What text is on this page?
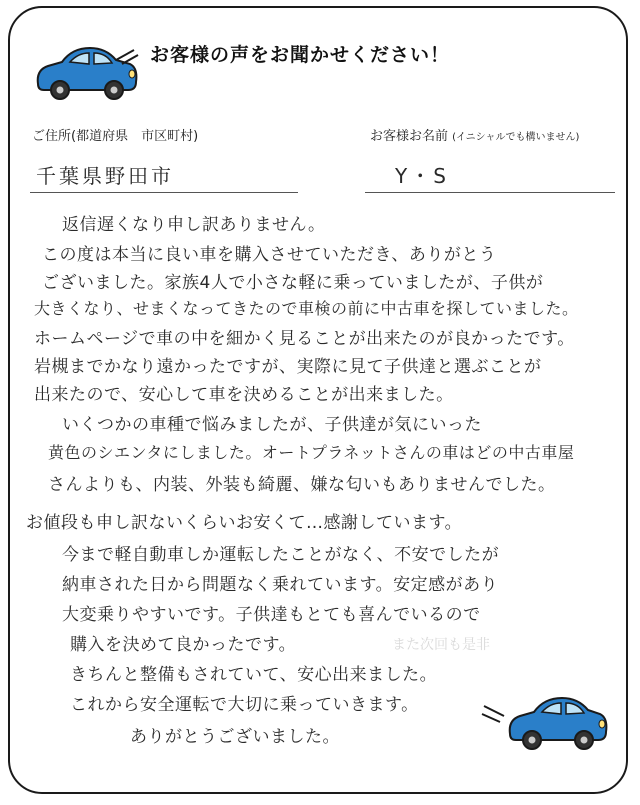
お客様の声をお聞かせください！
ご住所(都道府県　市区町村)	お客様お名前 (イニシャルでも構いません)
千葉県野田市	Y・S
また次回も是非
返信遅くなり申し訳ありません。
この度は本当に良い車を購入させていただき、ありがとう
ございました。家族4人で小さな軽に乗っていましたが、子供が
大きくなり、せまくなってきたので車検の前に中古車を探していました。
ホームページで車の中を細かく見ることが出来たのが良かったです。
岩槻までかなり遠かったですが、実際に見て子供達と選ぶことが
出来たので、安心して車を決めることが出来ました。
いくつかの車種で悩みましたが、子供達が気にいった
黄色のシエンタにしました。オートプラネットさんの車はどの中古車屋
さんよりも、内装、外装も綺麗、嫌な匂いもありませんでした。
お値段も申し訳ないくらいお安くて…感謝しています。
今まで軽自動車しか運転したことがなく、不安でしたが
納車された日から問題なく乗れています。安定感があり
大変乗りやすいです。子供達もとても喜んでいるので
購入を決めて良かったです。
きちんと整備もされていて、安心出来ました。
これから安全運転で大切に乗っていきます。
ありがとうございました。
